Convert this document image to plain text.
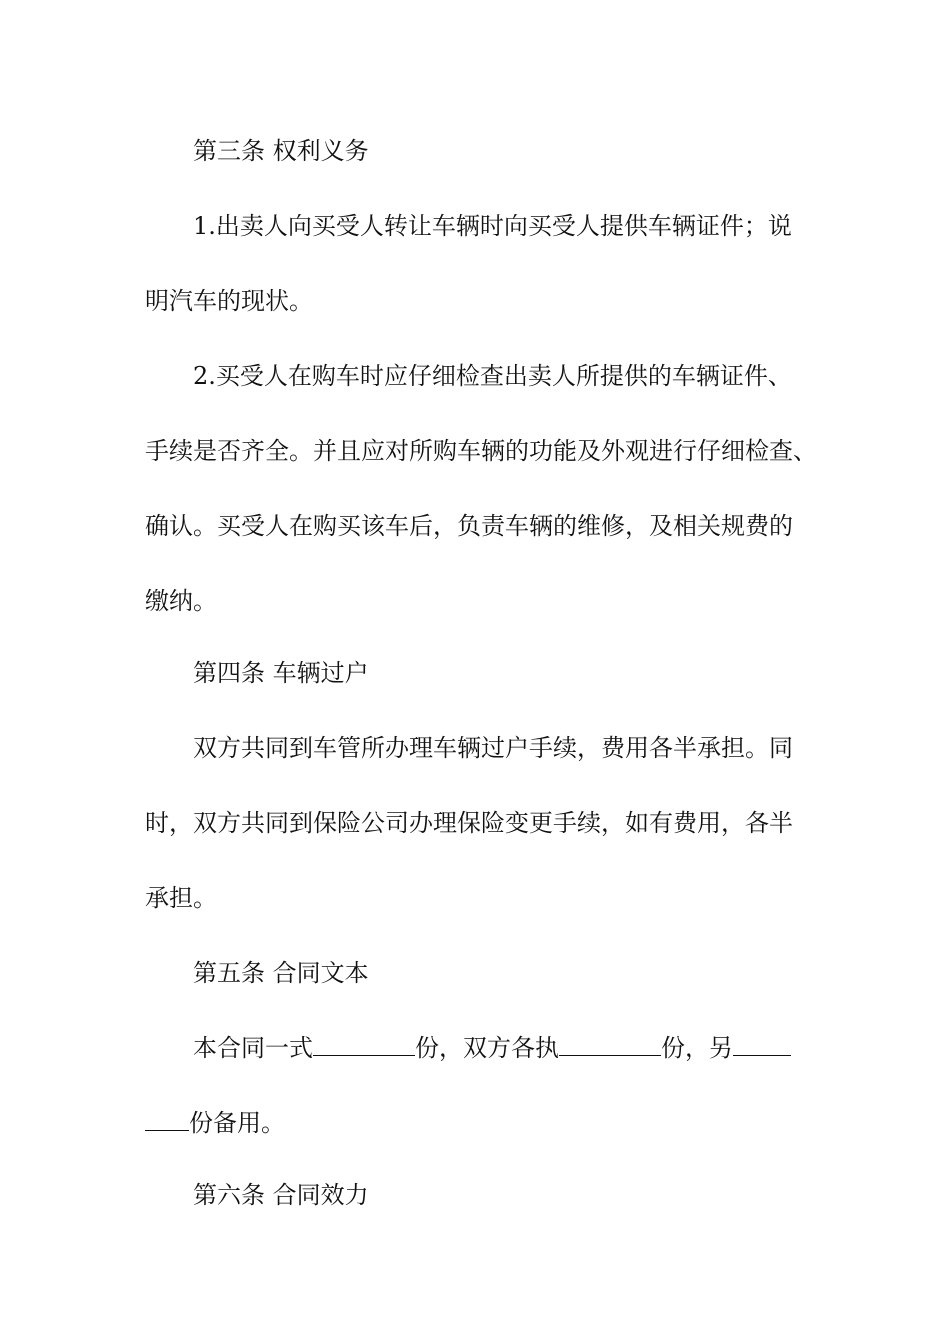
第三条 权利义务

1.出卖人向买受人转让车辆时向买受人提供车辆证件；说

明汽车的现状。

2.买受人在购车时应仔细检查出卖人所提供的车辆证件、

手续是否齐全。并且应对所购车辆的功能及外观进行仔细检查、

确认。买受人在购买该车后，负责车辆的维修，及相关规费的

缴纳。

第四条 车辆过户

双方共同到车管所办理车辆过户手续，费用各半承担。同

时，双方共同到保险公司办理保险变更手续，如有费用，各半

承担。

第五条 合同文本

本合同一式	份，双方各执	份，另

份备用。

第六条 合同效力
